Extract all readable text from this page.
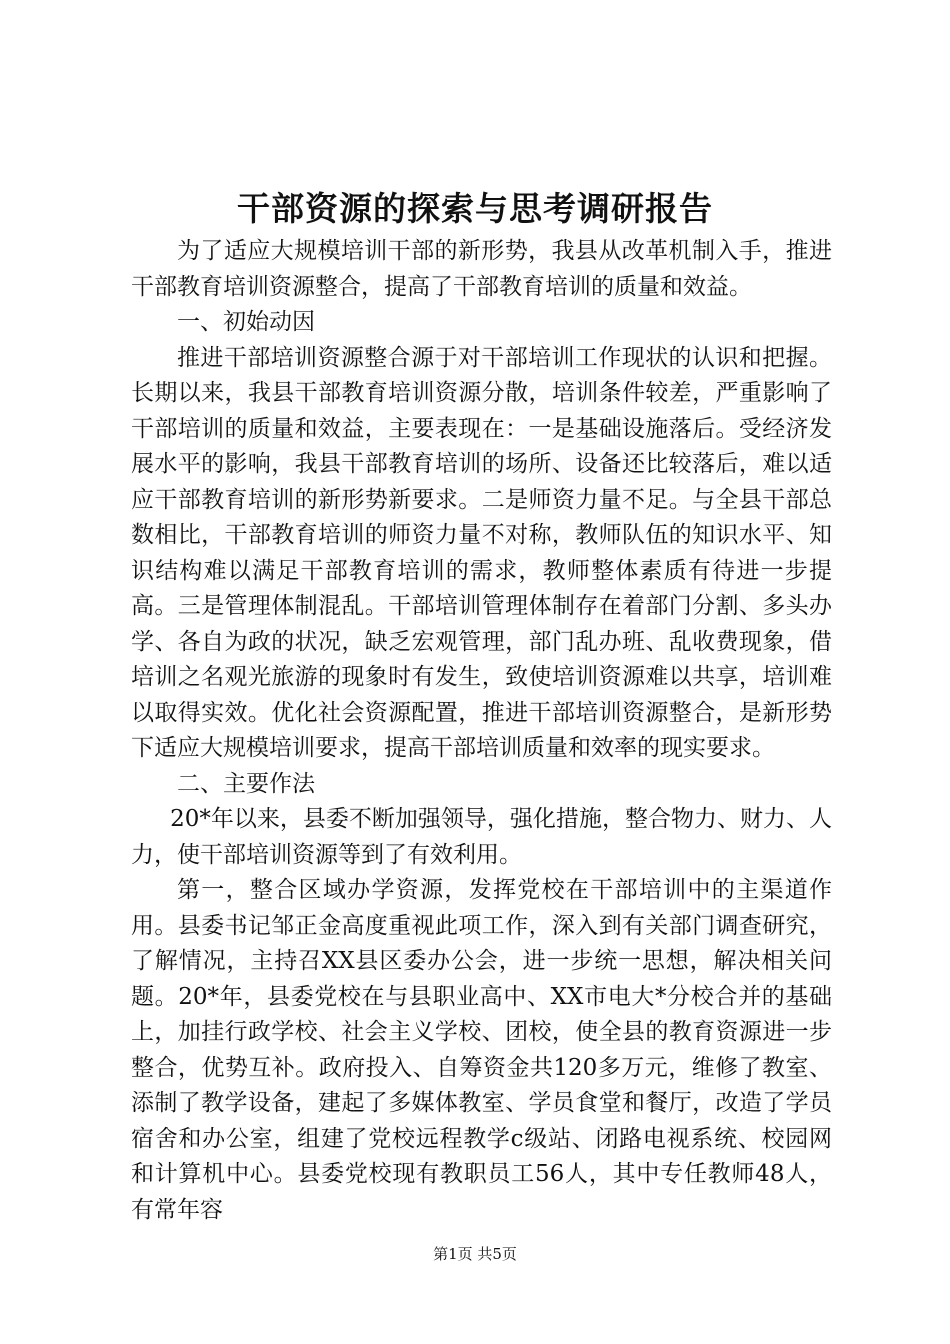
干部资源的探索与思考调研报告

为了适应大规模培训干部的新形势，我县从改革机制入手，推进干部教育培训资源整合，提高了干部教育培训的质量和效益。

一、初始动因

推进干部培训资源整合源于对干部培训工作现状的认识和把握。长期以来，我县干部教育培训资源分散，培训条件较差，严重影响了干部培训的质量和效益，主要表现在：一是基础设施落后。受经济发展水平的影响，我县干部教育培训的场所、设备还比较落后，难以适应干部教育培训的新形势新要求。二是师资力量不足。与全县干部总数相比，干部教育培训的师资力量不对称，教师队伍的知识水平、知识结构难以满足干部教育培训的需求，教师整体素质有待进一步提高。三是管理体制混乱。干部培训管理体制存在着部门分割、多头办学、各自为政的状况，缺乏宏观管理，部门乱办班、乱收费现象，借培训之名观光旅游的现象时有发生，致使培训资源难以共享，培训难以取得实效。优化社会资源配置，推进干部培训资源整合，是新形势下适应大规模培训要求，提高干部培训质量和效率的现实要求。

二、主要作法

20*年以来，县委不断加强领导，强化措施，整合物力、财力、人力，使干部培训资源等到了有效利用。

第一，整合区域办学资源，发挥党校在干部培训中的主渠道作用。县委书记邹正金高度重视此项工作，深入到有关部门调查研究，了解情况，主持召XX县区委办公会，进一步统一思想，解决相关问题。20*年，县委党校在与县职业高中、XX市电大*分校合并的基础上，加挂行政学校、社会主义学校、团校，使全县的教育资源进一步整合，优势互补。政府投入、自筹资金共120多万元，维修了教室、添制了教学设备，建起了多媒体教室、学员食堂和餐厅，改造了学员宿舍和办公室，组建了党校远程教学c级站、闭路电视系统、校园网和计算机中心。县委党校现有教职员工56人，其中专任教师48人，有常年容

第1页 共5页
